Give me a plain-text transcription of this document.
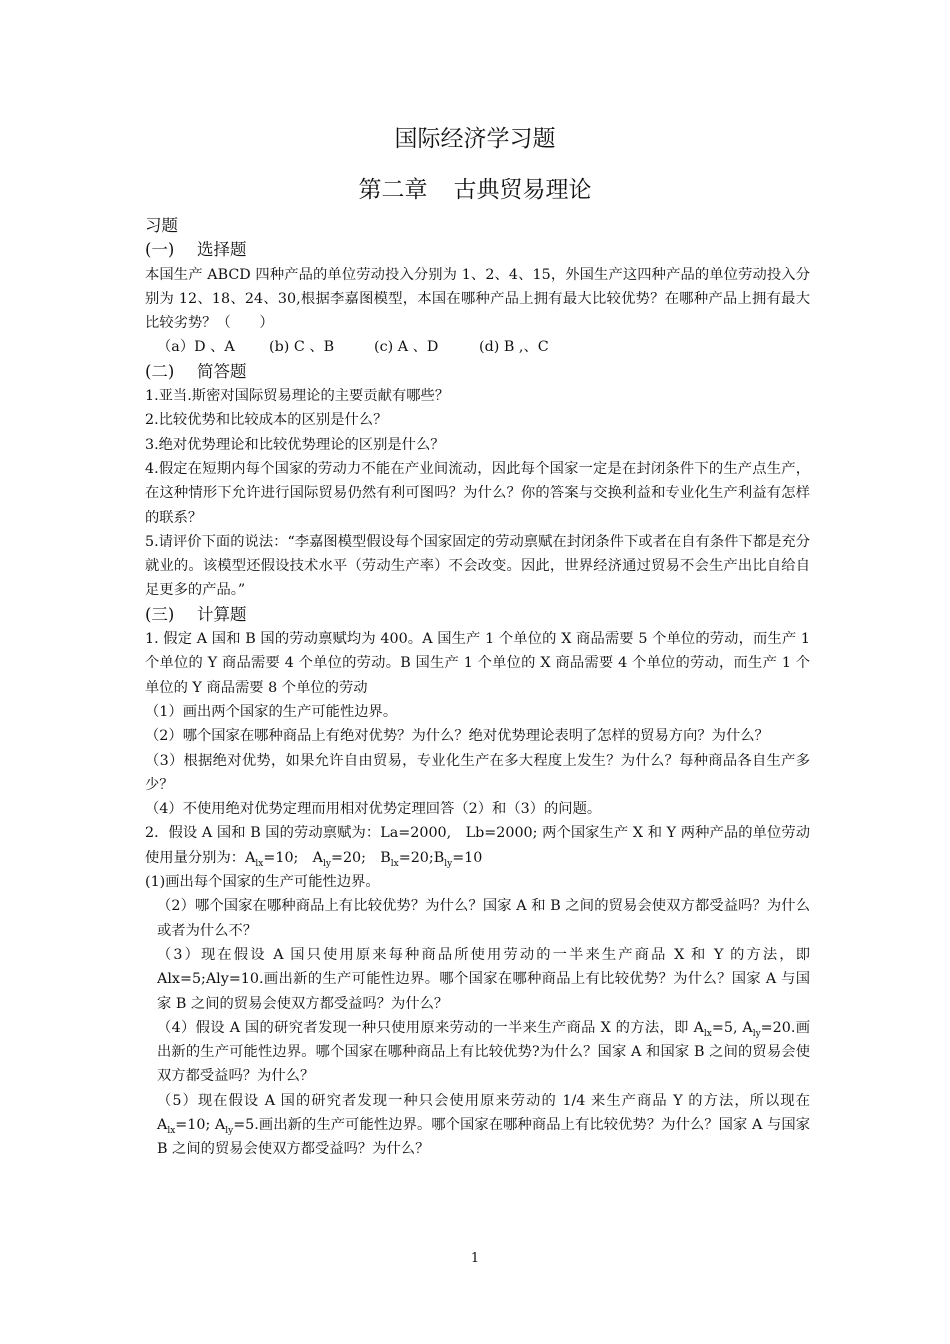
国际经济学习题
第二章 古典贸易理论

习题

(一) 选择题

本国生产 ABCD 四种产品的单位劳动投入分别为 1、2、4、15，外国生产这四种产品的单位劳动投入分别为 12、18、24、30,根据李嘉图模型，本国在哪种产品上拥有最大比较优势？在哪种产品上拥有最大比较劣势？（　　）

（a）D 、A (b) C 、B	(c) A 、D	(d) B ,、C

(二) 简答题

1.亚当.斯密对国际贸易理论的主要贡献有哪些？

2.比较优势和比较成本的区别是什么？

3.绝对优势理论和比较优势理论的区别是什么？

4.假定在短期内每个国家的劳动力不能在产业间流动，因此每个国家一定是在封闭条件下的生产点生产，在这种情形下允许进行国际贸易仍然有利可图吗？为什么？你的答案与交换利益和专业化生产利益有怎样的联系？

5.请评价下面的说法：“李嘉图模型假设每个国家固定的劳动禀赋在封闭条件下或者在自有条件下都是充分就业的。该模型还假设技术水平（劳动生产率）不会改变。因此，世界经济通过贸易不会生产出比自给自足更多的产品。”

(三) 计算题

1. 假定 A 国和 B 国的劳动禀赋均为 400。A 国生产 1 个单位的 X 商品需要 5 个单位的劳动，而生产 1 个单位的 Y 商品需要 4 个单位的劳动。B 国生产 1 个单位的 X 商品需要 4 个单位的劳动，而生产 1 个单位的 Y 商品需要 8 个单位的劳动

（1）画出两个国家的生产可能性边界。

（2）哪个国家在哪种商品上有绝对优势？为什么？绝对优势理论表明了怎样的贸易方向？为什么？

（3）根据绝对优势，如果允许自由贸易，专业化生产在多大程度上发生？为什么？每种商品各自生产多少？

（4）不使用绝对优势定理而用相对优势定理回答（2）和（3）的问题。

2．假设 A 国和 B 国的劳动禀赋为：La=2000,　Lb=2000; 两个国家生产 X 和 Y 两种产品的单位劳动使用量分别为：$A_{lx}=10$;　$A_{ly}=20$;　$B_{lx}=20;B_{ly}=10$

(1)画出每个国家的生产可能性边界。

（2）哪个国家在哪种商品上有比较优势？为什么？国家 A 和 B 之间的贸易会使双方都受益吗？为什么或者为什么不？

（3）现在假设 A 国只使用原来每种商品所使用劳动的一半来生产商品 X 和 Y 的方法，即 Alx=5;Aly=10.画出新的生产可能性边界。哪个国家在哪种商品上有比较优势？为什么？国家 A 与国家 B 之间的贸易会使双方都受益吗？为什么？

（4）假设 A 国的研究者发现一种只使用原来劳动的一半来生产商品 X 的方法，即 $A_{lx}=5$, $A_{ly}=20$.画出新的生产可能性边界。哪个国家在哪种商品上有比较优势?为什么？国家 A 和国家 B 之间的贸易会使双方都受益吗？为什么？

（5）现在假设 A 国的研究者发现一种只会使用原来劳动的 1/4 来生产商品 Y 的方法，所以现在 $A_{lx}=10$; $A_{ly}=5$.画出新的生产可能性边界。哪个国家在哪种商品上有比较优势？为什么？国家 A 与国家 B 之间的贸易会使双方都受益吗？为什么？

1
